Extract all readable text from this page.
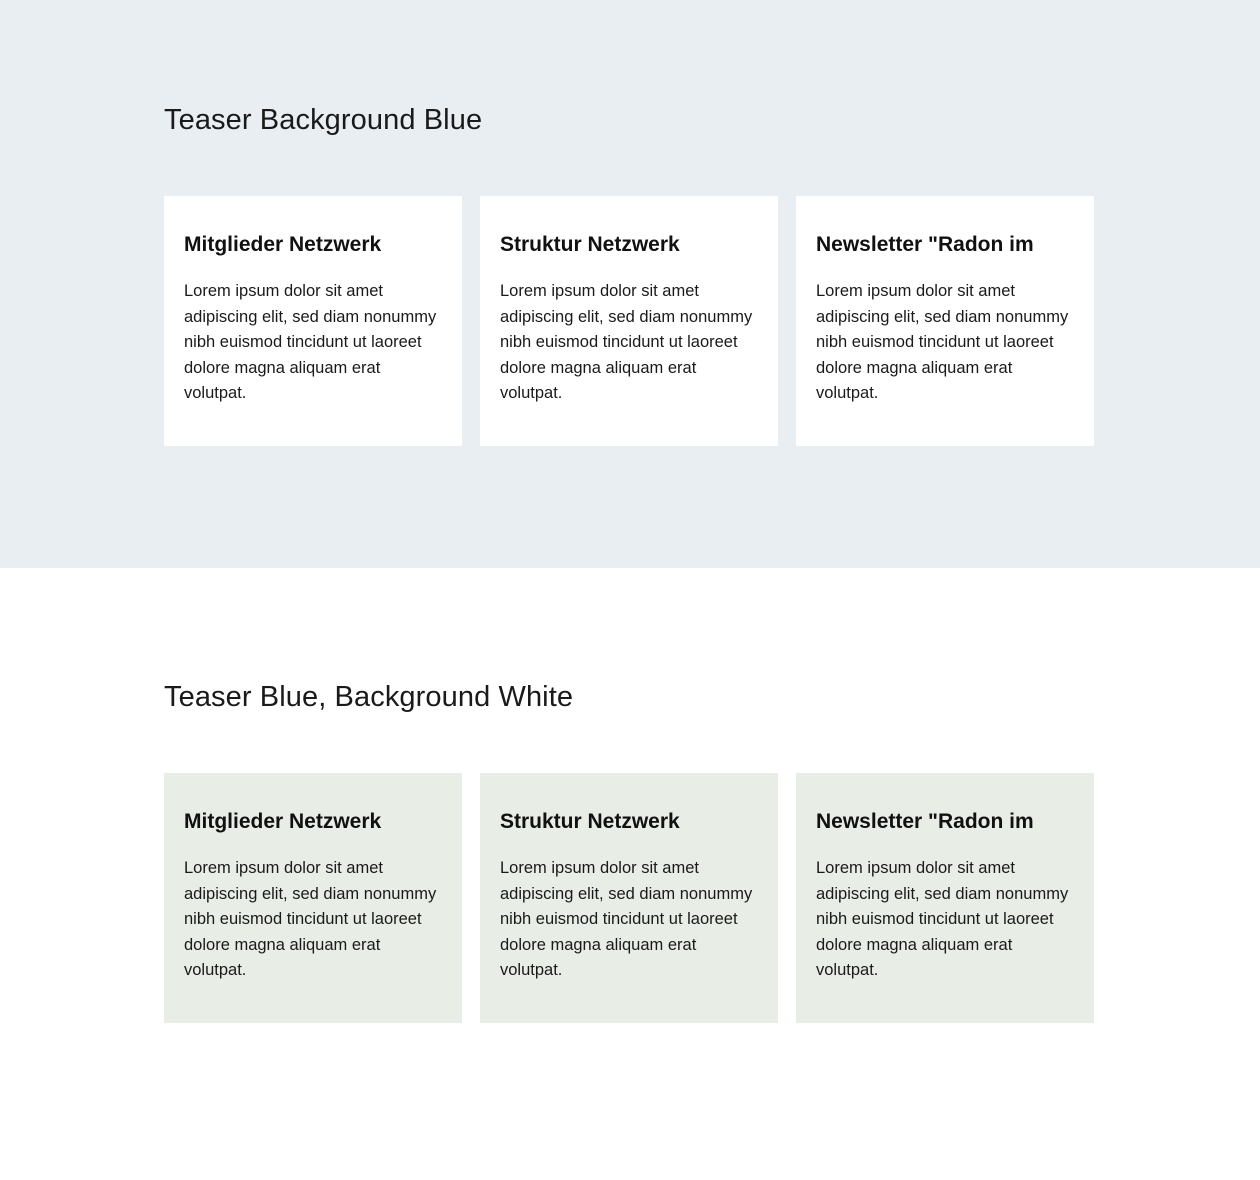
Teaser Background Blue
Mitglieder Netzwerk

Lorem ipsum dolor sit amet adipiscing elit, sed diam nonummy nibh euismod tincidunt ut laoreet dolore magna aliquam erat volutpat.

Struktur Netzwerk

Lorem ipsum dolor sit amet adipiscing elit, sed diam nonummy nibh euismod tincidunt ut laoreet dolore magna aliquam erat volutpat.

Newsletter "Radon im

Lorem ipsum dolor sit amet adipiscing elit, sed diam nonummy nibh euismod tincidunt ut laoreet dolore magna aliquam erat volutpat.

Teaser Blue, Background White
Mitglieder Netzwerk

Lorem ipsum dolor sit amet adipiscing elit, sed diam nonummy nibh euismod tincidunt ut laoreet dolore magna aliquam erat volutpat.

Struktur Netzwerk

Lorem ipsum dolor sit amet adipiscing elit, sed diam nonummy nibh euismod tincidunt ut laoreet dolore magna aliquam erat volutpat.

Newsletter "Radon im

Lorem ipsum dolor sit amet adipiscing elit, sed diam nonummy nibh euismod tincidunt ut laoreet dolore magna aliquam erat volutpat.
